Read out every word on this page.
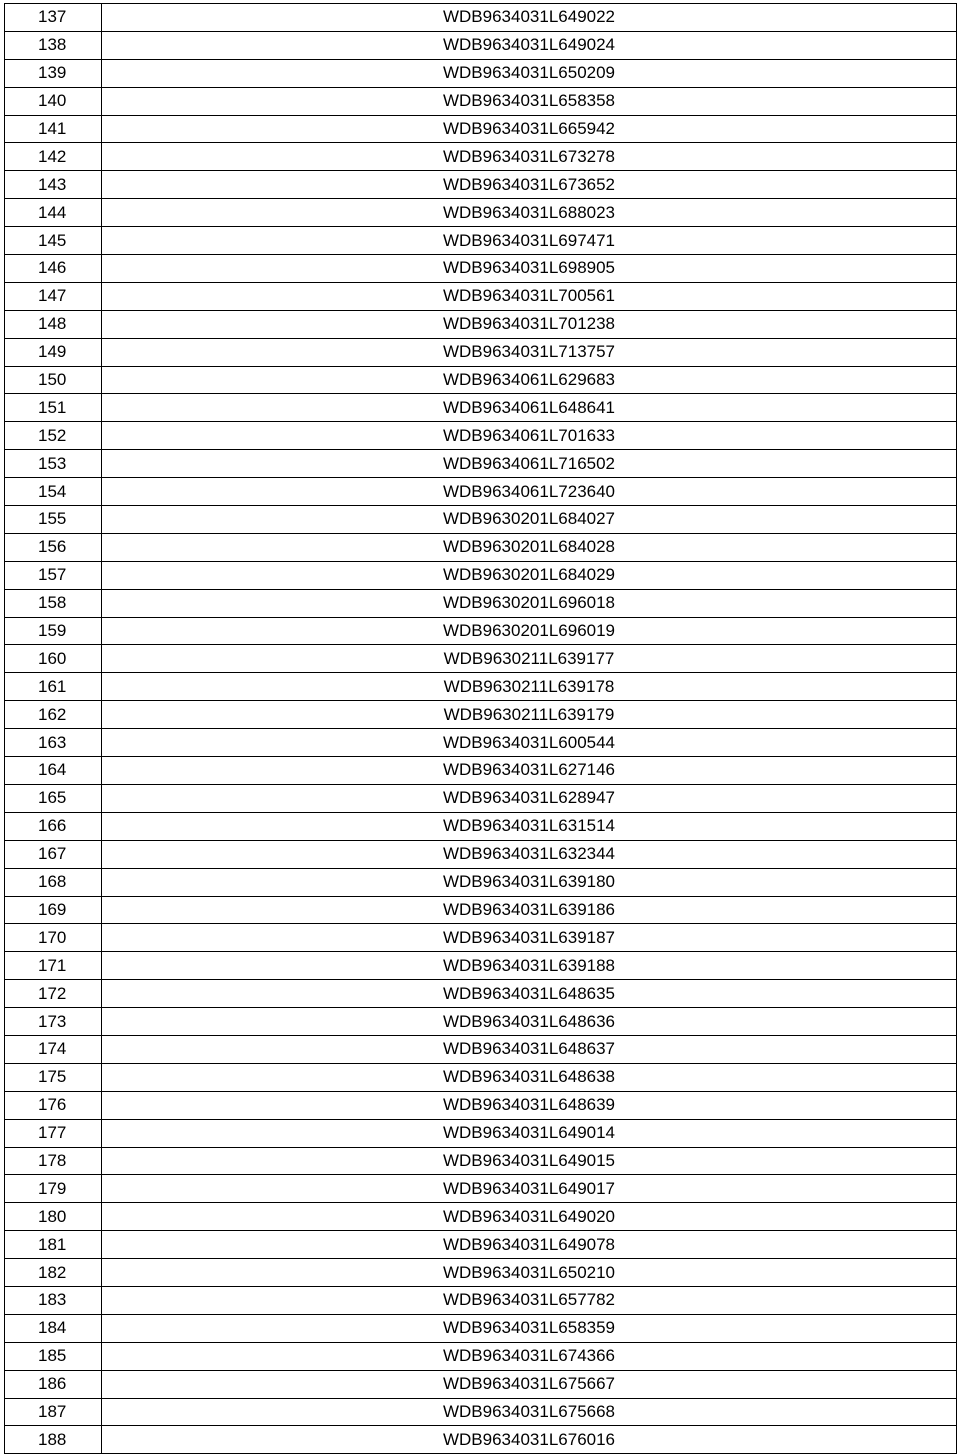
137	WDB9634031L649022
138	WDB9634031L649024
139	WDB9634031L650209
140	WDB9634031L658358
141	WDB9634031L665942
142	WDB9634031L673278
143	WDB9634031L673652
144	WDB9634031L688023
145	WDB9634031L697471
146	WDB9634031L698905
147	WDB9634031L700561
148	WDB9634031L701238
149	WDB9634031L713757
150	WDB9634061L629683
151	WDB9634061L648641
152	WDB9634061L701633
153	WDB9634061L716502
154	WDB9634061L723640
155	WDB9630201L684027
156	WDB9630201L684028
157	WDB9630201L684029
158	WDB9630201L696018
159	WDB9630201L696019
160	WDB9630211L639177
161	WDB9630211L639178
162	WDB9630211L639179
163	WDB9634031L600544
164	WDB9634031L627146
165	WDB9634031L628947
166	WDB9634031L631514
167	WDB9634031L632344
168	WDB9634031L639180
169	WDB9634031L639186
170	WDB9634031L639187
171	WDB9634031L639188
172	WDB9634031L648635
173	WDB9634031L648636
174	WDB9634031L648637
175	WDB9634031L648638
176	WDB9634031L648639
177	WDB9634031L649014
178	WDB9634031L649015
179	WDB9634031L649017
180	WDB9634031L649020
181	WDB9634031L649078
182	WDB9634031L650210
183	WDB9634031L657782
184	WDB9634031L658359
185	WDB9634031L674366
186	WDB9634031L675667
187	WDB9634031L675668
188	WDB9634031L676016
